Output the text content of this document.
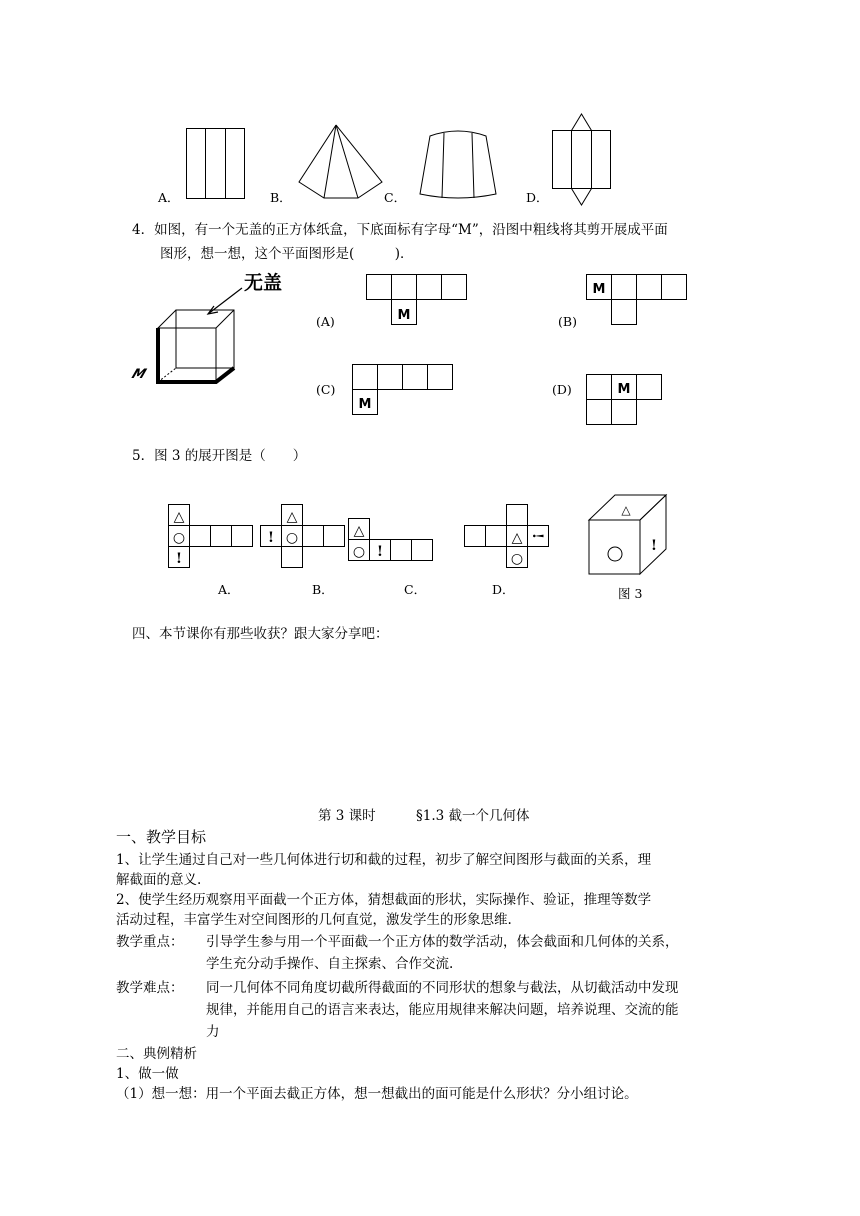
A．	B．	C．	D．
4．如图，有一个无盖的正方体纸盒，下底面标有字母“M”，沿图中粗线将其剪开展成平面
图形，想一想，这个平面图形是(　　　)．
无盖
M
(A)	M	(B)
M
(C)
M
(D)	M
5．图 3 的展开图是（　　）
△
○
!
A．
△
! ○
B．
△
○ !
C．
△
○
!
D．
△
!
图 3
四、本节课你有那些收获？跟大家分享吧：
第 3 课时	§1.3 截一个几何体
一、教学目标
1、让学生通过自己对一些几何体进行切和截的过程，初步了解空间图形与截面的关系，理
解截面的意义.
2、使学生经历观察用平面截一个正方体，猜想截面的形状，实际操作、验证，推理等数学
活动过程，丰富学生对空间图形的几何直觉，激发学生的形象思维.
教学重点： 引导学生参与用一个平面截一个正方体的数学活动，体会截面和几何体的关系，
学生充分动手操作、自主探索、合作交流.
教学难点： 同一几何体不同角度切截所得截面的不同形状的想象与截法，从切截活动中发现
规律，并能用自己的语言来表达，能应用规律来解决问题，培养说理、交流的能
力
二、典例精析
1、做一做
（1）想一想：用一个平面去截正方体，想一想截出的面可能是什么形状？分小组讨论。
